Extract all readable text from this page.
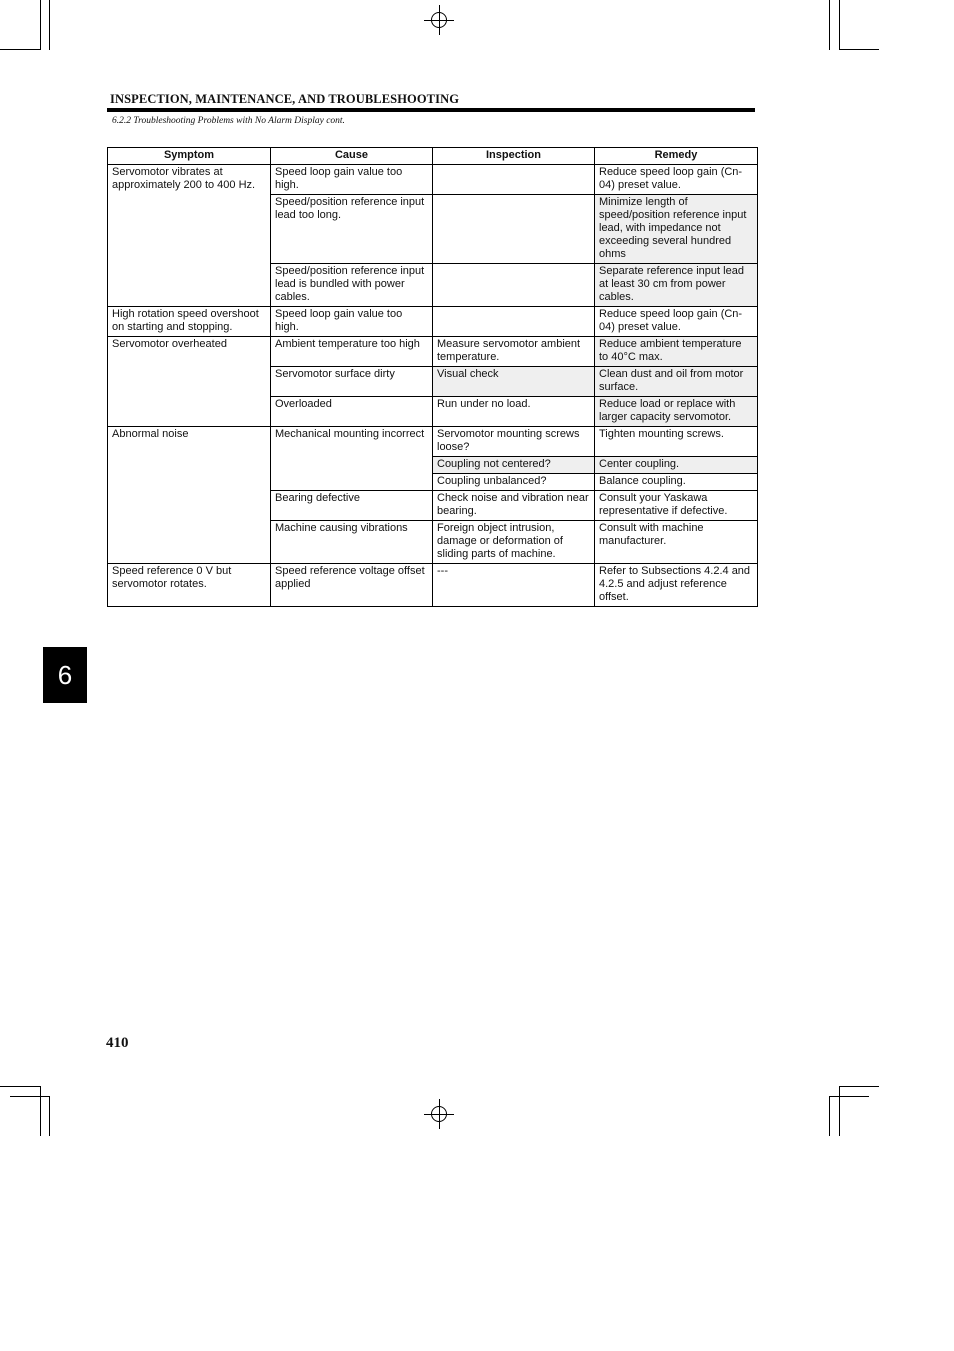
INSPECTION, MAINTENANCE, AND TROUBLESHOOTING
6.2.2 Troubleshooting Problems with No Alarm Display cont.
Symptom	Cause	Inspection	Remedy
Servomotor vibrates at approximately 200 to 400 Hz.	Speed loop gain value too high.		Reduce speed loop gain (Cn-04) preset value.
	Speed/position reference input lead too long.		Minimize length of speed/position reference input lead, with impedance not exceeding several hundred ohms
	Speed/position reference input lead is bundled with power cables.		Separate reference input lead at least 30 cm from power cables.
High rotation speed overshoot on starting and stopping.	Speed loop gain value too high.		Reduce speed loop gain (Cn-04) preset value.
Servomotor overheated	Ambient temperature too high	Measure servomotor ambient temperature.	Reduce ambient temperature to 40°C max.
	Servomotor surface dirty	Visual check	Clean dust and oil from motor surface.
	Overloaded	Run under no load.	Reduce load or replace with larger capacity servomotor.
Abnormal noise	Mechanical mounting incorrect	Servomotor mounting screws loose?	Tighten mounting screws.
		Coupling not centered?	Center coupling.
		Coupling unbalanced?	Balance coupling.
	Bearing defective	Check noise and vibration near bearing.	Consult your Yaskawa representative if defective.
	Machine causing vibrations	Foreign object intrusion, damage or deformation of sliding parts of machine.	Consult with machine manufacturer.
Speed reference 0 V but servomotor rotates.	Speed reference voltage offset applied	---	Refer to Subsections 4.2.4 and 4.2.5 and adjust reference offset.
6
410
